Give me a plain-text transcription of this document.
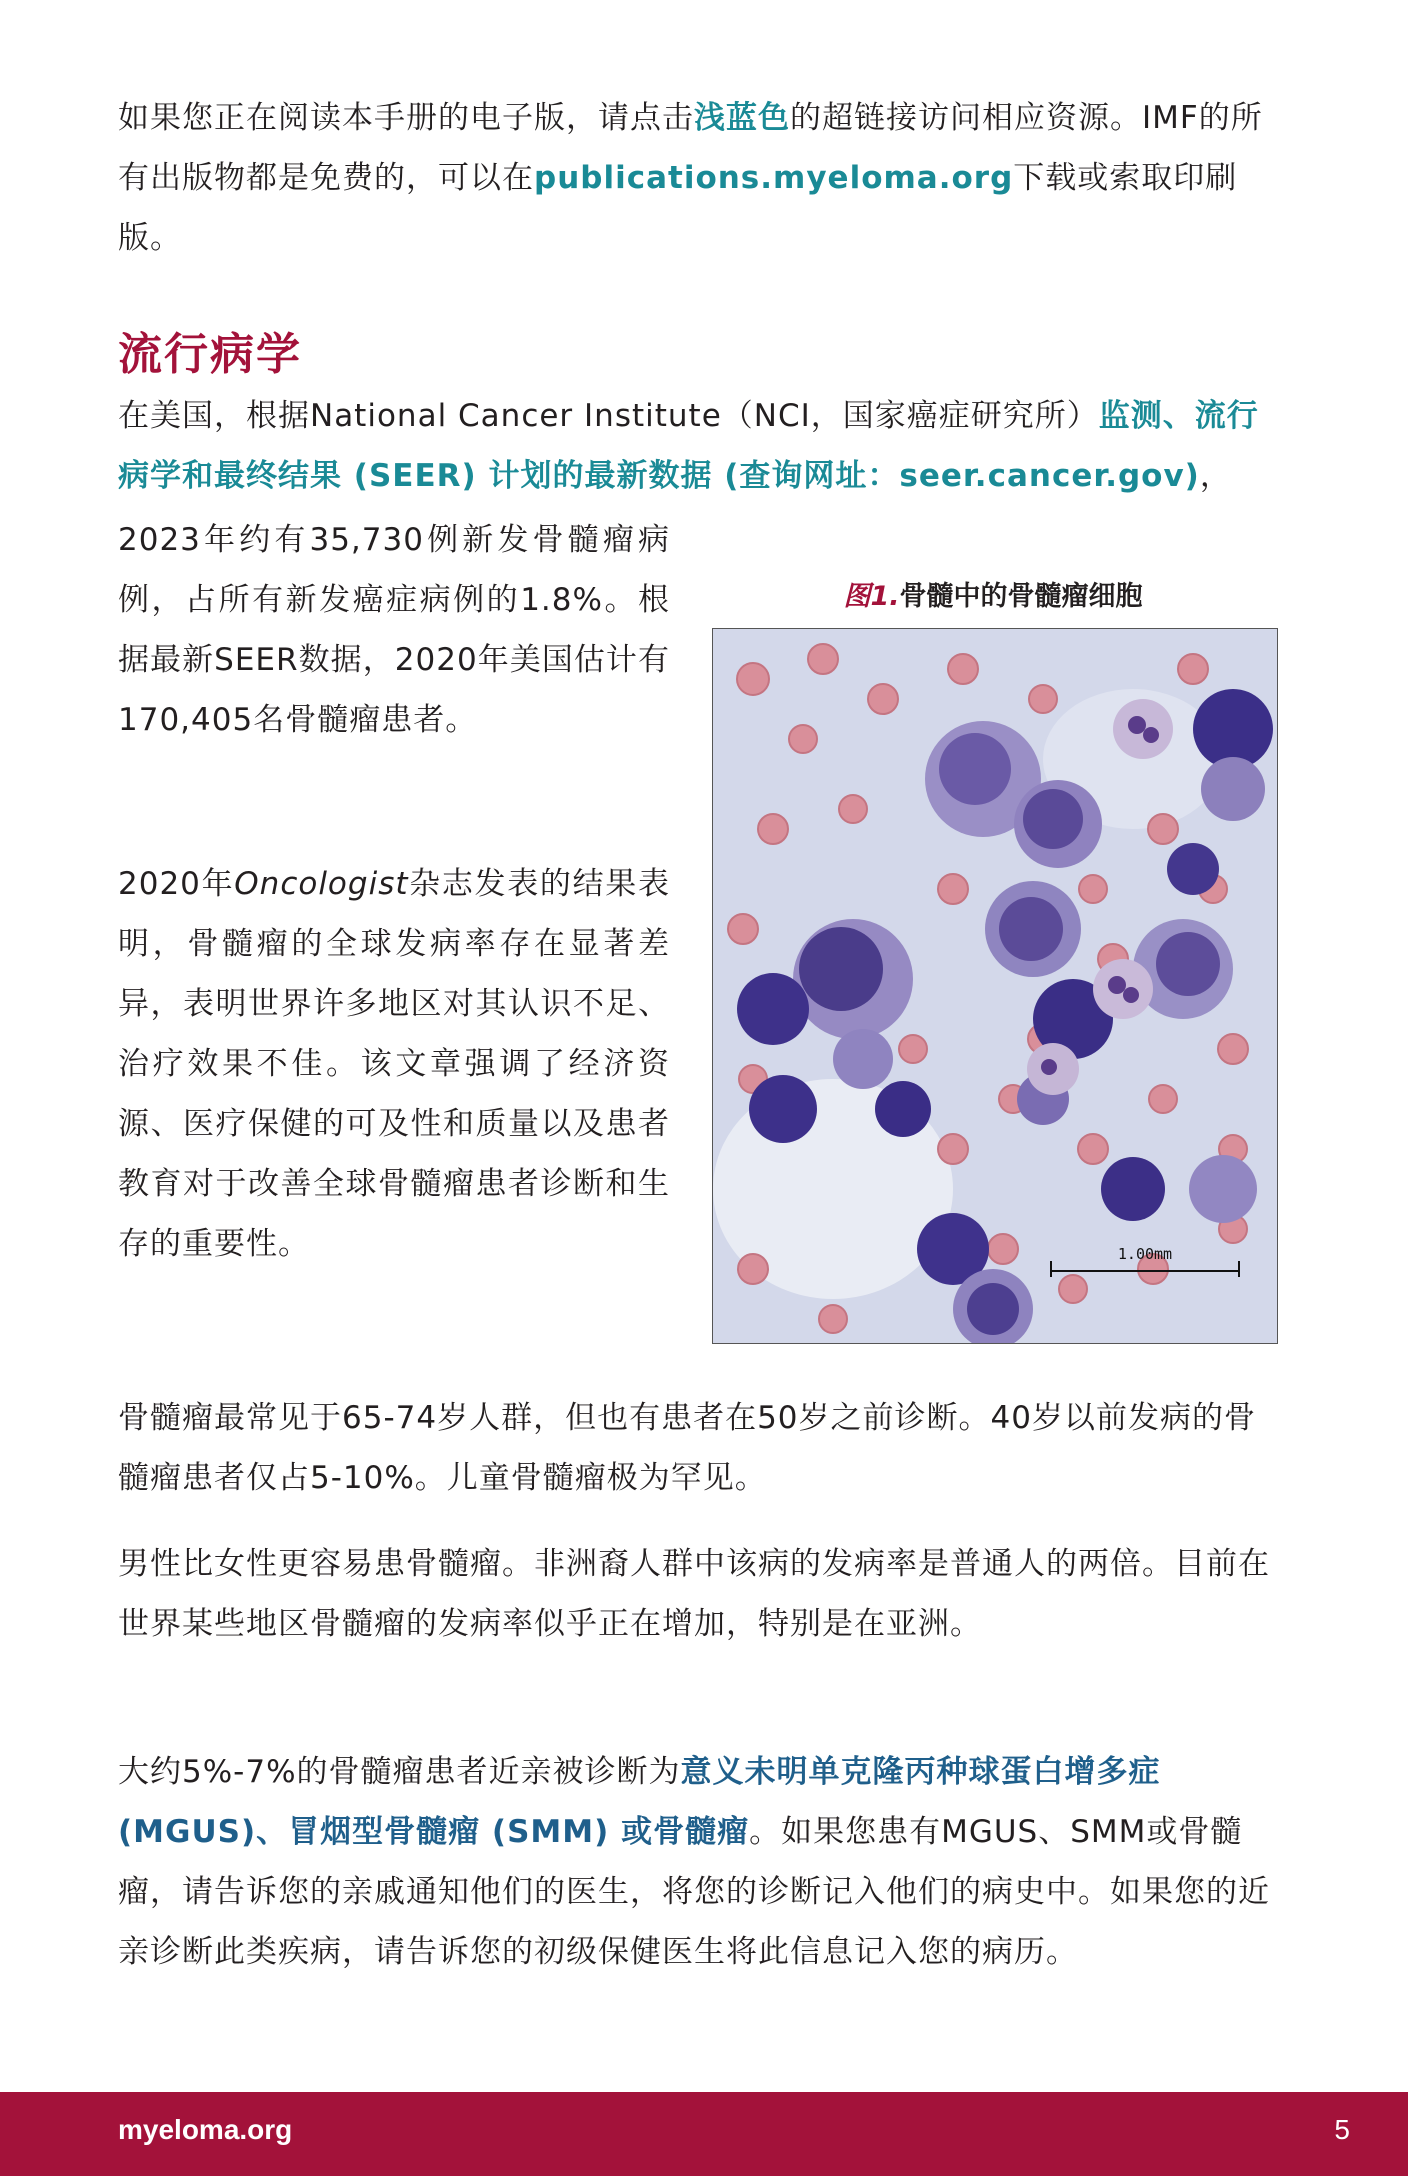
如果您正在阅读本手册的电子版，请点击浅蓝色的超链接访问相应资源。IMF的所有出版物都是免费的，可以在publications.myeloma.org下载或索取印刷版。

流行病学

在美国，根据National Cancer Institute（NCI，国家癌症研究所）监测、流行病学和最终结果 (SEER) 计划的最新数据 (查询网址：seer.cancer.gov)，

2023年约有35,730例新发骨髓瘤病例，占所有新发癌症病例的1.8%。根据最新SEER数据，2020年美国估计有170,405名骨髓瘤患者。

2020年Oncologist杂志发表的结果表明，骨髓瘤的全球发病率存在显著差异，表明世界许多地区对其认识不足、治疗效果不佳。该文章强调了经济资源、医疗保健的可及性和质量以及患者教育对于改善全球骨髓瘤患者诊断和生存的重要性。

图1.骨髓中的骨髓瘤细胞
1.00mm

骨髓瘤最常见于65-74岁人群，但也有患者在50岁之前诊断。40岁以前发病的骨髓瘤患者仅占5-10%。儿童骨髓瘤极为罕见。

男性比女性更容易患骨髓瘤。非洲裔人群中该病的发病率是普通人的两倍。目前在世界某些地区骨髓瘤的发病率似乎正在增加，特别是在亚洲。

大约5%-7%的骨髓瘤患者近亲被诊断为意义未明单克隆丙种球蛋白增多症 (MGUS)、冒烟型骨髓瘤 (SMM) 或骨髓瘤。如果您患有MGUS、SMM或骨髓瘤，请告诉您的亲戚通知他们的医生，将您的诊断记入他们的病史中。如果您的近亲诊断此类疾病，请告诉您的初级保健医生将此信息记入您的病历。

myeloma.org	5
